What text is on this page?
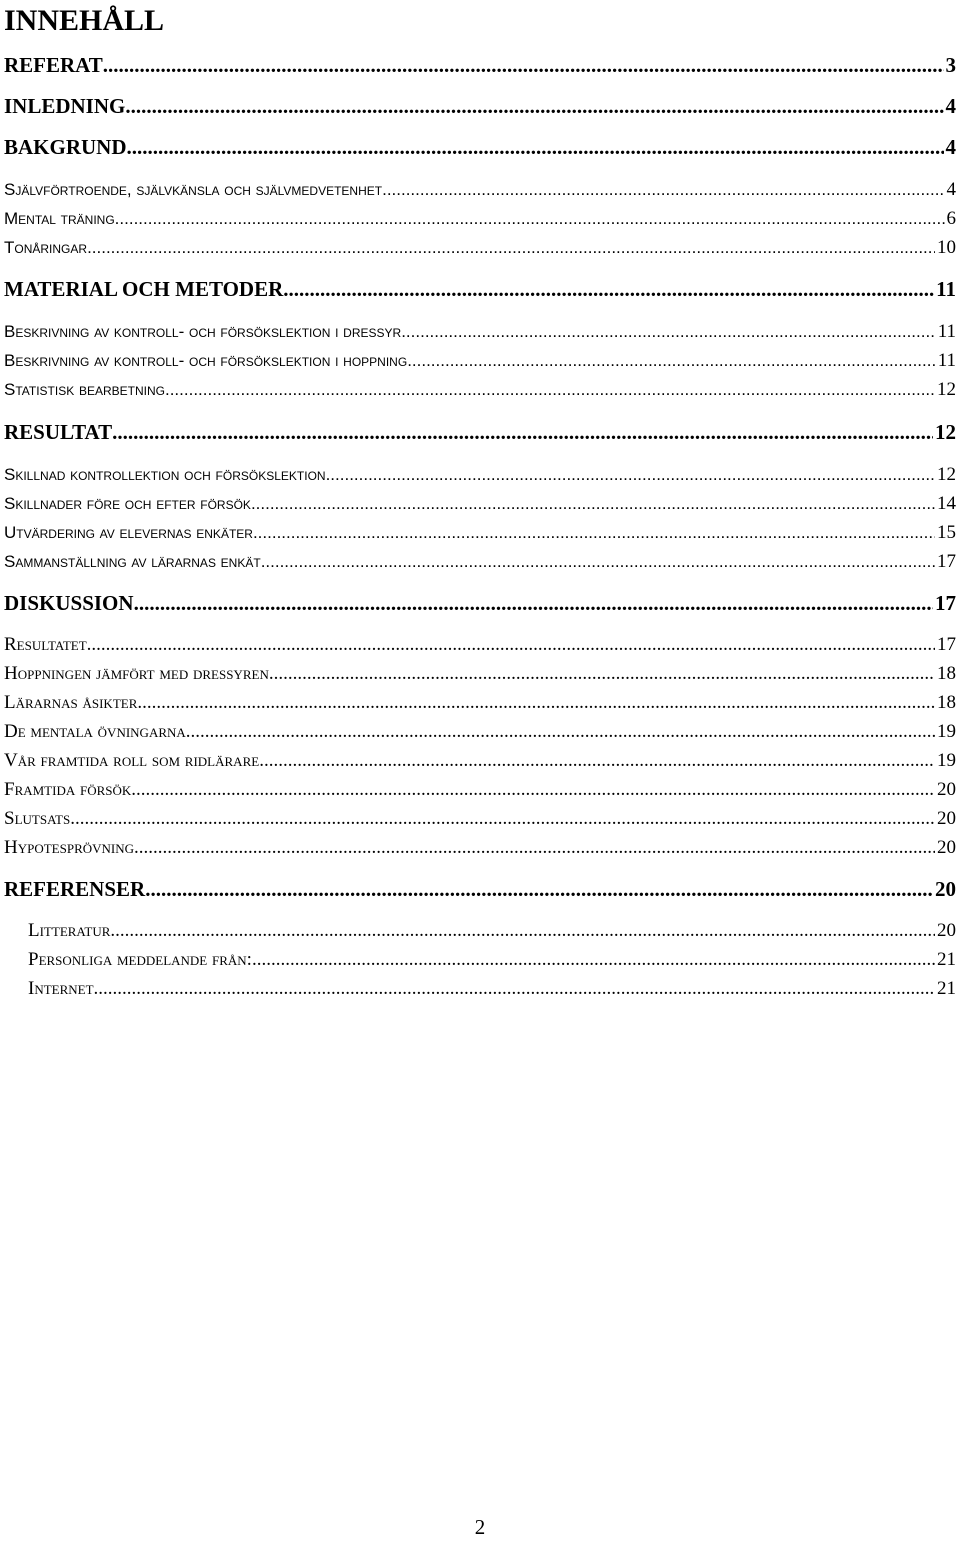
INNEHÅLL
REFERAT .....	3
INLEDNING .....	4
BAKGRUND .....	4
Självförtroende, självkänsla och självmedvetenhet .....	4
Mental träning .....	6
Tonåringar .....	10
MATERIAL OCH METODER .....	11
Beskrivning av kontroll- och försökslektion i dressyr .....	11
Beskrivning av kontroll- och försökslektion i hoppning .....	11
Statistisk bearbetning .....	12
RESULTAT .....	12
Skillnad kontrollektion och försökslektion .....	12
Skillnader före och efter försök .....	14
Utvärdering av elevernas enkäter .....	15
Sammanställning av lärarnas enkät .....	17
DISKUSSION .....	17
Resultatet .....	17
Hoppningen jämfört med dressyren .....	18
Lärarnas åsikter .....	18
De mentala övningarna .....	19
Vår framtida roll som ridlärare .....	19
Framtida försök .....	20
Slutsats .....	20
Hypotesprövning .....	20
REFERENSER .....	20
Litteratur .....	20
Personliga meddelande från: .....	21
Internet .....	21
2
